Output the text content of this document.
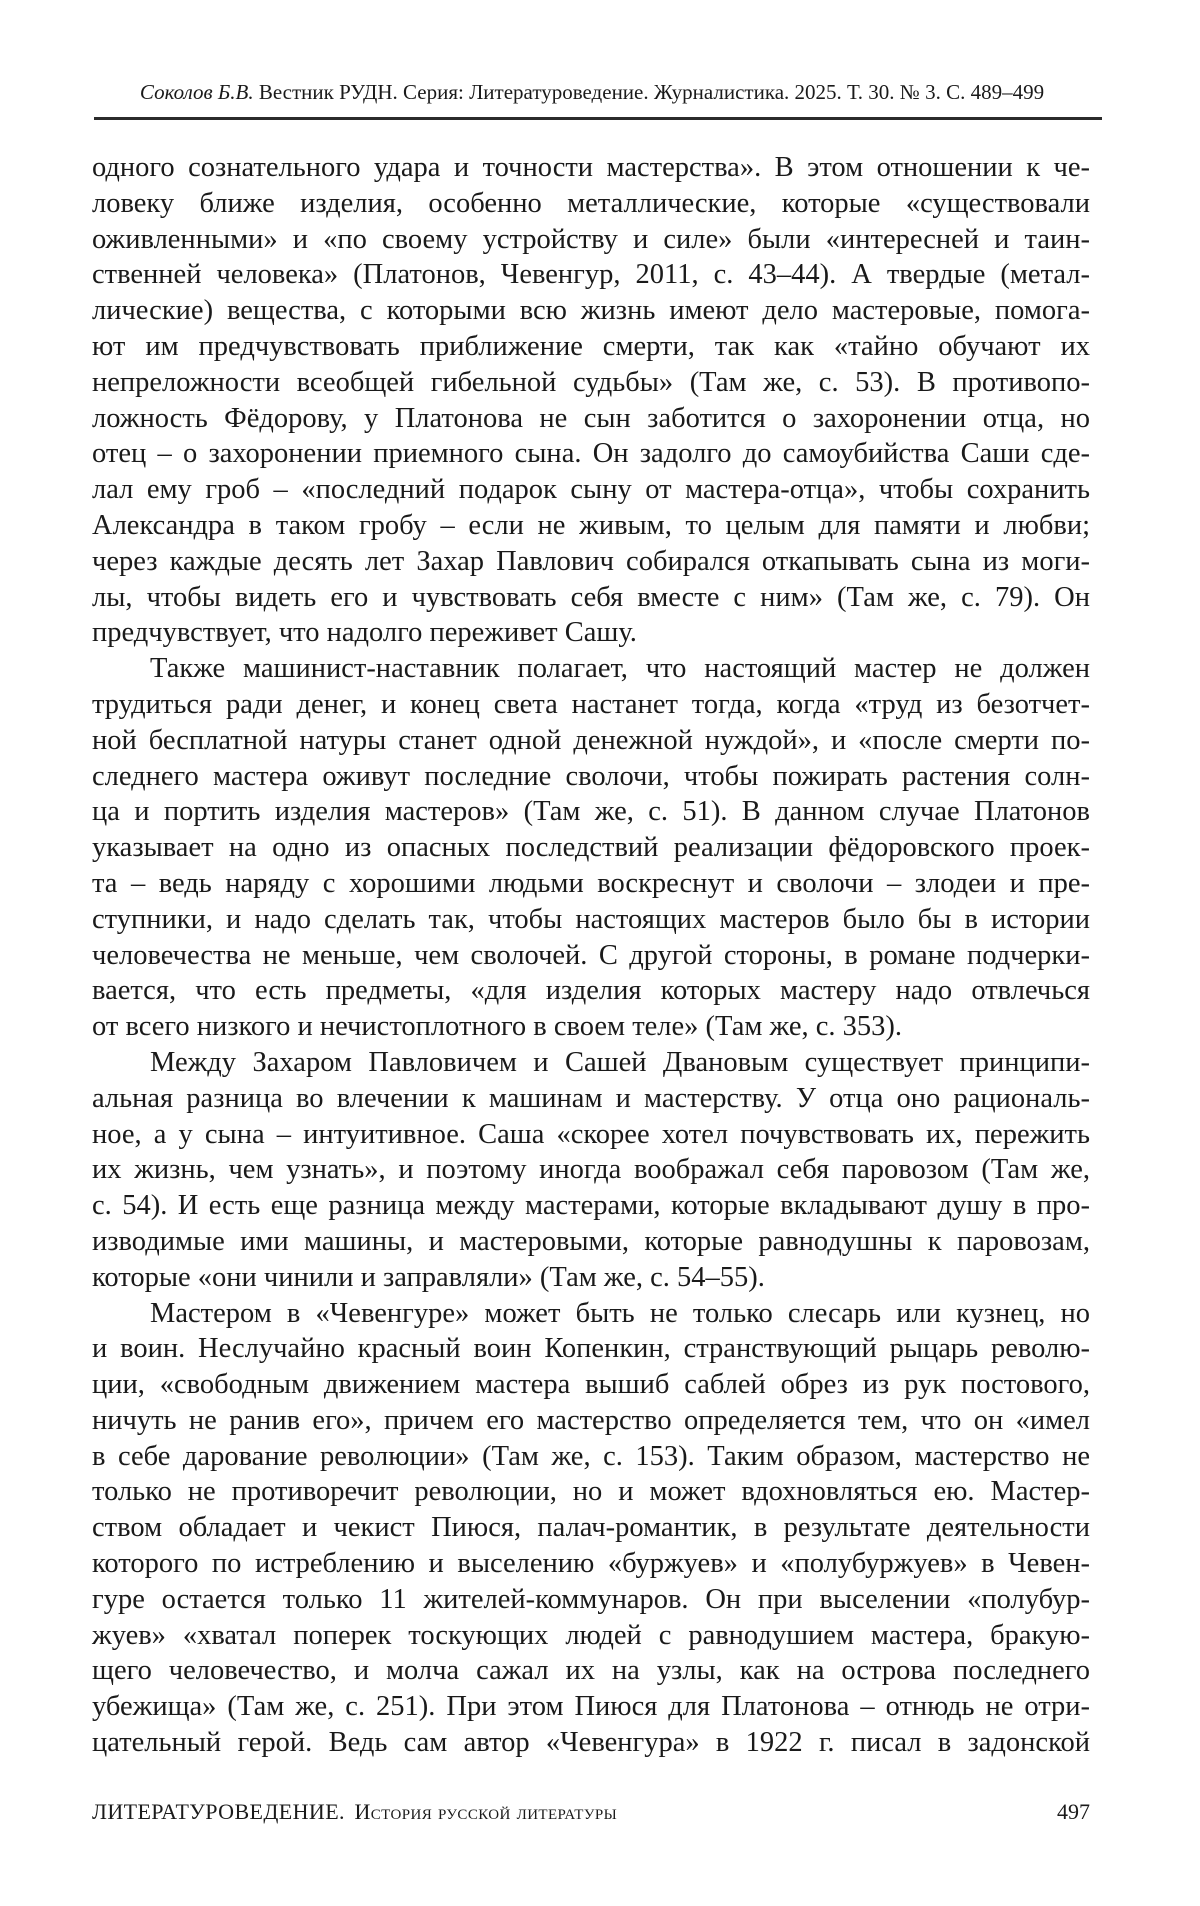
Соколов Б.В. Вестник РУДН. Серия: Литературоведение. Журналистика. 2025. Т. 30. № 3. С. 489–499
одного сознательного удара и точности мастерства». В этом отношении к че-
ловеку ближе изделия, особенно металлические, которые «существовали
оживленными» и «по своему устройству и силе» были «интересней и таин-
ственней человека» (Платонов, Чевенгур, 2011, с. 43–44). А твердые (метал-
лические) вещества, с которыми всю жизнь имеют дело мастеровые, помога-
ют им предчувствовать приближение смерти, так как «тайно обучают их
непреложности всеобщей гибельной судьбы» (Там же, с. 53). В противопо-
ложность Фёдорову, у Платонова не сын заботится о захоронении отца, но
отец – о захоронении приемного сына. Он задолго до самоубийства Саши сде-
лал ему гроб – «последний подарок сыну от мастера-отца», чтобы сохранить
Александра в таком гробу – если не живым, то целым для памяти и любви;
через каждые десять лет Захар Павлович собирался откапывать сына из моги-
лы, чтобы видеть его и чувствовать себя вместе с ним» (Там же, с. 79). Он
предчувствует, что надолго переживет Сашу.
Также машинист-наставник полагает, что настоящий мастер не должен
трудиться ради денег, и конец света настанет тогда, когда «труд из безотчет-
ной бесплатной натуры станет одной денежной нуждой», и «после смерти по-
следнего мастера оживут последние сволочи, чтобы пожирать растения солн-
ца и портить изделия мастеров» (Там же, с. 51). В данном случае Платонов
указывает на одно из опасных последствий реализации фёдоровского проек-
та – ведь наряду с хорошими людьми воскреснут и сволочи – злодеи и пре-
ступники, и надо сделать так, чтобы настоящих мастеров было бы в истории
человечества не меньше, чем сволочей. С другой стороны, в романе подчерки-
вается, что есть предметы, «для изделия которых мастеру надо отвлечься
от всего низкого и нечистоплотного в своем теле» (Там же, с. 353).
Между Захаром Павловичем и Сашей Двановым существует принципи-
альная разница во влечении к машинам и мастерству. У отца оно рациональ-
ное, а у сына – интуитивное. Саша «скорее хотел почувствовать их, пережить
их жизнь, чем узнать», и поэтому иногда воображал себя паровозом (Там же,
с. 54). И есть еще разница между мастерами, которые вкладывают душу в про-
изводимые ими машины, и мастеровыми, которые равнодушны к паровозам,
которые «они чинили и заправляли» (Там же, с. 54–55).
Мастером в «Чевенгуре» может быть не только слесарь или кузнец, но
и воин. Неслучайно красный воин Копенкин, странствующий рыцарь револю-
ции, «свободным движением мастера вышиб саблей обрез из рук постового,
ничуть не ранив его», причем его мастерство определяется тем, что он «имел
в себе дарование революции» (Там же, с. 153). Таким образом, мастерство не
только не противоречит революции, но и может вдохновляться ею. Мастер-
ством обладает и чекист Пиюся, палач-романтик, в результате деятельности
которого по истреблению и выселению «буржуев» и «полубуржуев» в Чевен-
гуре остается только 11 жителей-коммунаров. Он при выселении «полубур-
жуев» «хватал поперек тоскующих людей с равнодушием мастера, бракую-
щего человечество, и молча сажал их на узлы, как на острова последнего
убежища» (Там же, с. 251). При этом Пиюся для Платонова – отнюдь не отри-
цательный герой. Ведь сам автор «Чевенгура» в 1922 г. писал в задонской
ЛИТЕРАТУРОВЕДЕНИЕ. История русской литературы	497
